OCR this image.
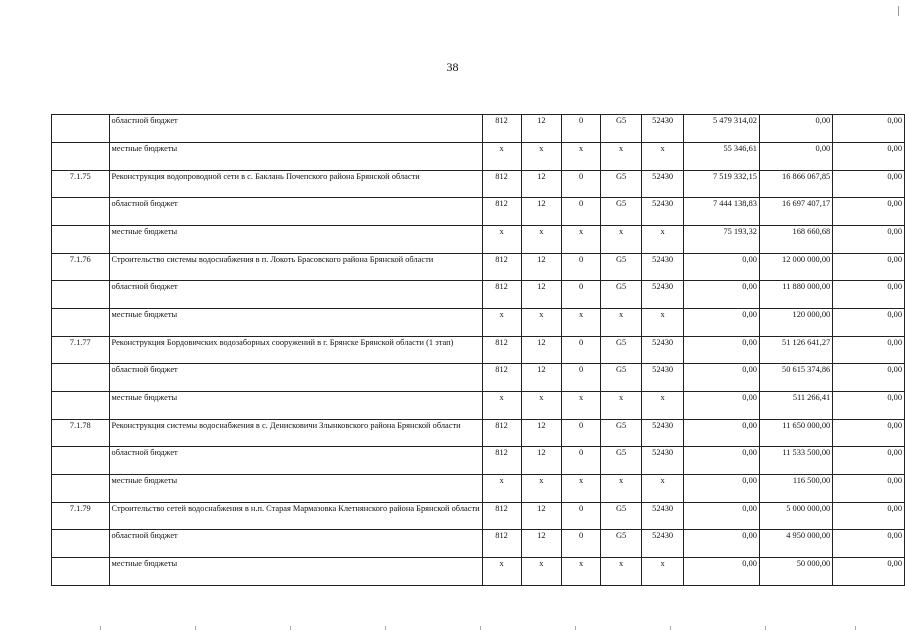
38
	областной бюджет	812	12	0	G5	52430	5 479 314,02	0,00	0,00
	местные бюджеты	х	х	х	х	х	55 346,61	0,00	0,00
7.1.75	Реконструкция водопроводной сети в с. Баклань Почепского района Брянской области	812	12	0	G5	52430	7 519 332,15	16 866 067,85	0,00
	областной бюджет	812	12	0	G5	52430	7 444 138,83	16 697 407,17	0,00
	местные бюджеты	х	х	х	х	х	75 193,32	168 660,68	0,00
7.1.76	Строительство системы водоснабжения в п. Локоть Брасовского района Брянской области	812	12	0	G5	52430	0,00	12 000 000,00	0,00
	областной бюджет	812	12	0	G5	52430	0,00	11 880 000,00	0,00
	местные бюджеты	х	х	х	х	х	0,00	120 000,00	0,00
7.1.77	Реконструкция Бордовичских водозаборных сооружений в г. Брянске Брянской области (1 этап)	812	12	0	G5	52430	0,00	51 126 641,27	0,00
	областной бюджет	812	12	0	G5	52430	0,00	50 615 374,86	0,00
	местные бюджеты	х	х	х	х	х	0,00	511 266,41	0,00
7.1.78	Реконструкция системы водоснабжения в с. Денисковичи Злынковского района Брянской области	812	12	0	G5	52430	0,00	11 650 000,00	0,00
	областной бюджет	812	12	0	G5	52430	0,00	11 533 500,00	0,00
	местные бюджеты	х	х	х	х	х	0,00	116 500,00	0,00
7.1.79	Строительство сетей водоснабжения в н.п. Старая Мармазовка Клетнянского района Брянской области	812	12	0	G5	52430	0,00	5 000 000,00	0,00
	областной бюджет	812	12	0	G5	52430	0,00	4 950 000,00	0,00
	местные бюджеты	х	х	х	х	х	0,00	50 000,00	0,00
